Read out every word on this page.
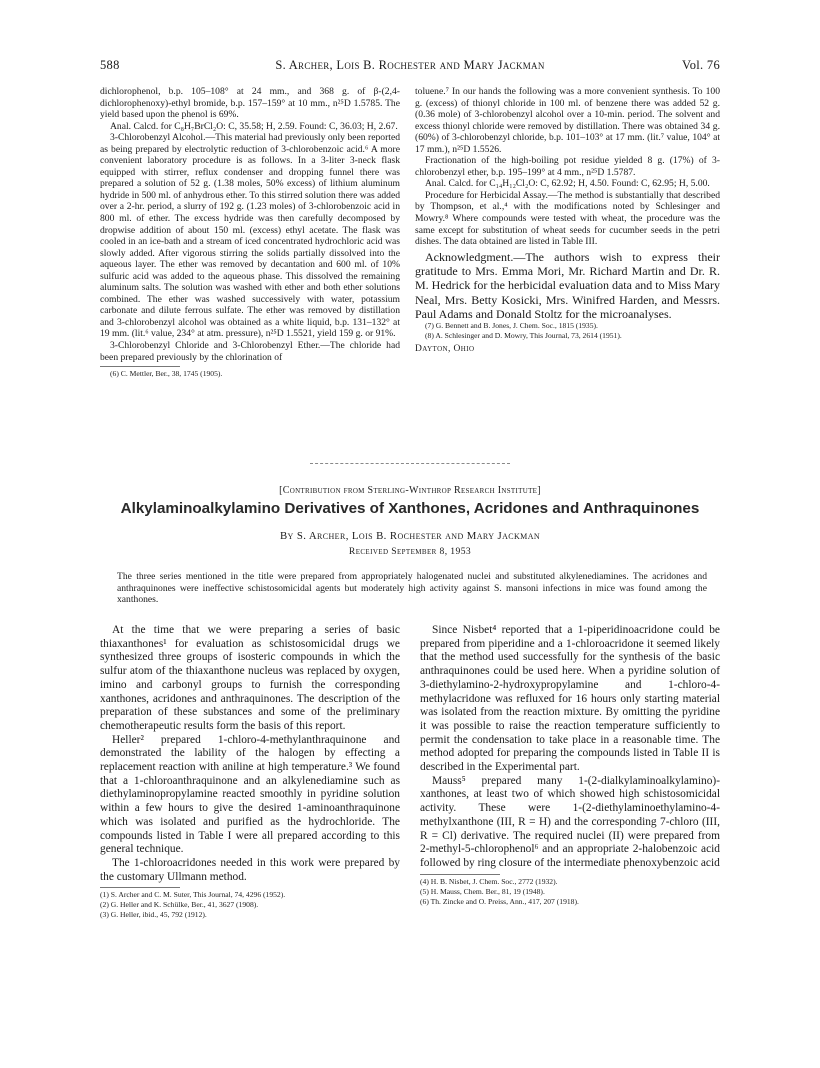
588	S. Archer, Lois B. Rochester and Mary Jackman	Vol. 76

dichlorophenol, b.p. 105–108° at 24 mm., and 368 g. of β-(2,4-dichlorophenoxy)-ethyl bromide, b.p. 157–159° at 10 mm., n²⁵D 1.5785. The yield based upon the phenol is 69%.

Anal. Calcd. for C₈H₇BrCl₂O: C, 35.58; H, 2.59. Found: C, 36.03; H, 2.67.

3-Chlorobenzyl Alcohol.—This material had previously only been reported as being prepared by electrolytic reduction of 3-chlorobenzoic acid.⁶ A more convenient laboratory procedure is as follows. In a 3-liter 3-neck flask equipped with stirrer, reflux condenser and dropping funnel there was prepared a solution of 52 g. (1.38 moles, 50% excess) of lithium aluminum hydride in 500 ml. of anhydrous ether. To this stirred solution there was added over a 2-hr. period, a slurry of 192 g. (1.23 moles) of 3-chlorobenzoic acid in 800 ml. of ether. The excess hydride was then carefully decomposed by dropwise addition of about 150 ml. (excess) ethyl acetate. The flask was cooled in an ice-bath and a stream of iced concentrated hydrochloric acid was slowly added. After vigorous stirring the solids partially dissolved into the aqueous layer. The ether was removed by decantation and 600 ml. of 10% sulfuric acid was added to the aqueous phase. This dissolved the remaining aluminum salts. The solution was washed with ether and both ether solutions combined. The ether was washed successively with water, potassium carbonate and dilute ferrous sulfate. The ether was removed by distillation and 3-chlorobenzyl alcohol was obtained as a white liquid, b.p. 131–132° at 19 mm. (lit.⁶ value, 234° at atm. pressure), n²⁵D 1.5521, yield 159 g. or 91%.

3-Chlorobenzyl Chloride and 3-Chlorobenzyl Ether.—The chloride had been prepared previously by the chlorination of

(6) C. Mettler, Ber., 38, 1745 (1905).

toluene.⁷ In our hands the following was a more convenient synthesis. To 100 g. (excess) of thionyl chloride in 100 ml. of benzene there was added 52 g. (0.36 mole) of 3-chlorobenzyl alcohol over a 10-min. period. The solvent and excess thionyl chloride were removed by distillation. There was obtained 34 g. (60%) of 3-chlorobenzyl chloride, b.p. 101–103° at 17 mm. (lit.⁷ value, 104° at 17 mm.), n²⁵D 1.5526.

Fractionation of the high-boiling pot residue yielded 8 g. (17%) of 3-chlorobenzyl ether, b.p. 195–199° at 4 mm., n²⁵D 1.5787.

Anal. Calcd. for C₁₄H₁₂Cl₂O: C, 62.92; H, 4.50. Found: C, 62.95; H, 5.00.

Procedure for Herbicidal Assay.—The method is substantially that described by Thompson, et al.,⁴ with the modifications noted by Schlesinger and Mowry.⁸ Where compounds were tested with wheat, the procedure was the same except for substitution of wheat seeds for cucumber seeds in the petri dishes. The data obtained are listed in Table III.

Acknowledgment.—The authors wish to express their gratitude to Mrs. Emma Mori, Mr. Richard Martin and Dr. R. M. Hedrick for the herbicidal evaluation data and to Miss Mary Neal, Mrs. Betty Kosicki, Mrs. Winifred Harden, and Messrs. Paul Adams and Donald Stoltz for the microanalyses.

(7) G. Bennett and B. Jones, J. Chem. Soc., 1815 (1935).

(8) A. Schlesinger and D. Mowry, This Journal, 73, 2614 (1951).

Dayton, Ohio
[Contribution from Sterling-Winthrop Research Institute]
Alkylaminoalkylamino Derivatives of Xanthones, Acridones and Anthraquinones
By S. Archer, Lois B. Rochester and Mary Jackman
Received September 8, 1953

The three series mentioned in the title were prepared from appropriately halogenated nuclei and substituted alkylenediamines. The acridones and anthraquinones were ineffective schistosomicidal agents but moderately high activity against S. mansoni infections in mice was found among the xanthones.

At the time that we were preparing a series of basic thiaxanthones¹ for evaluation as schistosomicidal drugs we synthesized three groups of isosteric compounds in which the sulfur atom of the thiaxanthone nucleus was replaced by oxygen, imino and carbonyl groups to furnish the corresponding xanthones, acridones and anthraquinones. The description of the preparation of these substances and some of the preliminary chemotherapeutic results form the basis of this report.

Heller² prepared 1-chloro-4-methylanthraquinone and demonstrated the lability of the halogen by effecting a replacement reaction with aniline at high temperature.³ We found that a 1-chloroanthraquinone and an alkylenediamine such as diethylaminopropylamine reacted smoothly in pyridine solution within a few hours to give the desired 1-aminoanthraquinone which was isolated and purified as the hydrochloride. The compounds listed in Table I were all prepared according to this general technique.

The 1-chloroacridones needed in this work were prepared by the customary Ullmann method.

(1) S. Archer and C. M. Suter, This Journal, 74, 4296 (1952).

(2) G. Heller and K. Schülke, Ber., 41, 3627 (1908).

(3) G. Heller, ibid., 45, 792 (1912).

Since Nisbet⁴ reported that a 1-piperidinoacridone could be prepared from piperidine and a 1-chloroacridone it seemed likely that the method used successfully for the synthesis of the basic anthraquinones could be used here. When a pyridine solution of 3-diethylamino-2-hydroxypropylamine and 1-chloro-4-methylacridone was refluxed for 16 hours only starting material was isolated from the reaction mixture. By omitting the pyridine it was possible to raise the reaction temperature sufficiently to permit the condensation to take place in a reasonable time. The method adopted for preparing the compounds listed in Table II is described in the Experimental part.

Mauss⁵ prepared many 1-(2-dialkylaminoalkylamino)-xanthones, at least two of which showed high schistosomicidal activity. These were 1-(2-diethylaminoethylamino-4-methylxanthone (III, R = H) and the corresponding 7-chloro (III, R = Cl) derivative. The required nuclei (II) were prepared from 2-methyl-5-chlorophenol⁶ and an appropriate 2-halobenzoic acid followed by ring closure of the intermediate phenoxybenzoic acid

(4) H. B. Nisbet, J. Chem. Soc., 2772 (1932).

(5) H. Mauss, Chem. Ber., 81, 19 (1948).

(6) Th. Zincke and O. Preiss, Ann., 417, 207 (1918).
